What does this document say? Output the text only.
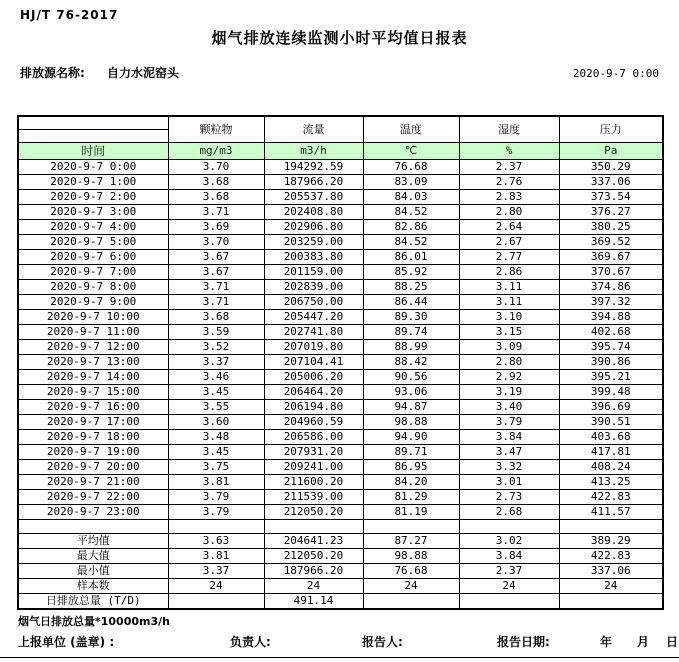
HJ/T 76-2017
烟气排放连续监测小时平均值日报表
排放源名称: 自力水泥窑头	2020-9-7 0:00
	颗粒物	流量	温度	湿度	压力

时间	mg/m3	m3/h	℃	%	Pa
2020-9-7 0:00	3.70	194292.59	76.68	2.37	350.29
2020-9-7 1:00	3.68	187966.20	83.09	2.76	337.06
2020-9-7 2:00	3.68	205537.80	84.03	2.83	373.54
2020-9-7 3:00	3.71	202408.80	84.52	2.80	376.27
2020-9-7 4:00	3.69	202906.80	82.86	2.64	380.25
2020-9-7 5:00	3.70	203259.00	84.52	2.67	369.52
2020-9-7 6:00	3.67	200383.80	86.01	2.77	369.67
2020-9-7 7:00	3.67	201159.00	85.92	2.86	370.67
2020-9-7 8:00	3.71	202839.00	88.25	3.11	374.86
2020-9-7 9:00	3.71	206750.00	86.44	3.11	397.32
2020-9-7 10:00	3.68	205447.20	89.30	3.10	394.88
2020-9-7 11:00	3.59	202741.80	89.74	3.15	402.68
2020-9-7 12:00	3.52	207019.80	88.99	3.09	395.74
2020-9-7 13:00	3.37	207104.41	88.42	2.80	390.86
2020-9-7 14:00	3.46	205006.20	90.56	2.92	395.21
2020-9-7 15:00	3.45	206464.20	93.06	3.19	399.48
2020-9-7 16:00	3.55	206194.80	94.87	3.40	396.69
2020-9-7 17:00	3.60	204960.59	98.88	3.79	390.51
2020-9-7 18:00	3.48	206586.00	94.90	3.84	403.68
2020-9-7 19:00	3.45	207931.20	89.71	3.47	417.81
2020-9-7 20:00	3.75	209241.00	86.95	3.32	408.24
2020-9-7 21:00	3.81	211600.20	84.20	3.01	413.25
2020-9-7 22:00	3.79	211539.00	81.29	2.73	422.83
2020-9-7 23:00	3.79	212050.20	81.19	2.68	411.57

平均值	3.63	204641.23	87.27	3.02	389.29
最大值	3.81	212050.20	98.88	3.84	422.83
最小值	3.37	187966.20	76.68	2.37	337.06
样本数	24	24	24	24	24
日排放总量 (T/D)		491.14			
烟气日排放总量*10000m3/h
上报单位 (盖章) :	负责人:	报告人:	报告日期:	年 月 日
